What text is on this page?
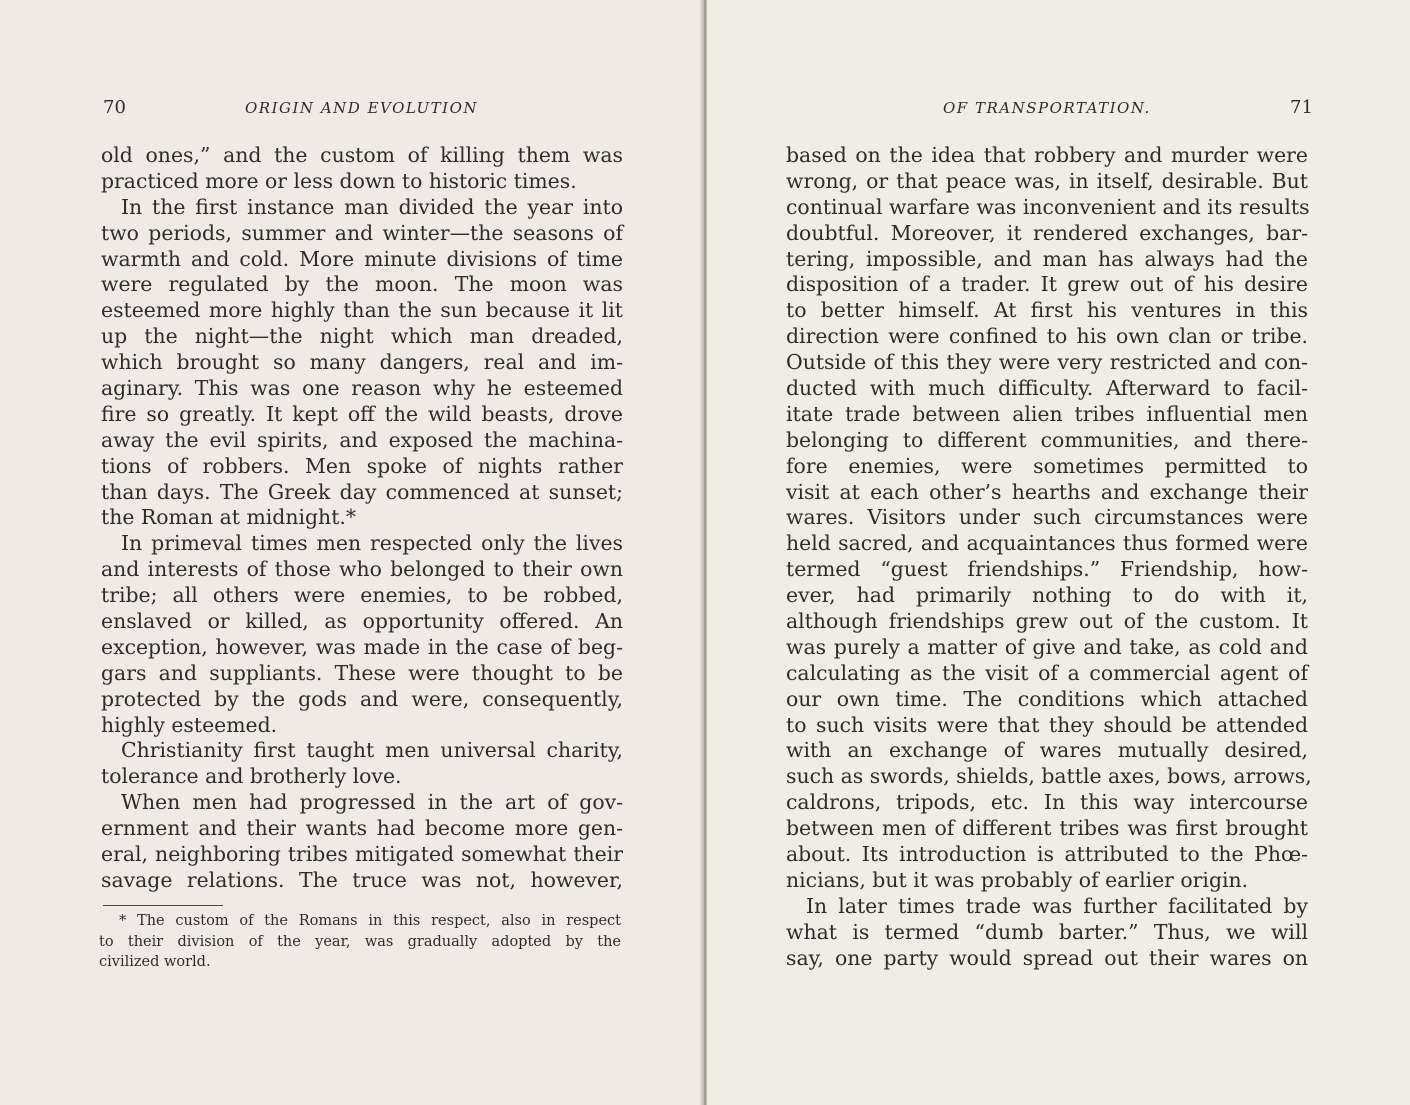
70	ORIGIN AND EVOLUTION
old ones,” and the custom of killing them was
practiced more or less down to historic times.
In the first instance man divided the year into
two periods, summer and winter—the seasons of
warmth and cold. More minute divisions of time
were regulated by the moon. The moon was
esteemed more highly than the sun because it lit
up the night—the night which man dreaded,
which brought so many dangers, real and im-
aginary. This was one reason why he esteemed
fire so greatly. It kept off the wild beasts, drove
away the evil spirits, and exposed the machina-
tions of robbers. Men spoke of nights rather
than days. The Greek day commenced at sunset;
the Roman at midnight.*
In primeval times men respected only the lives
and interests of those who belonged to their own
tribe; all others were enemies, to be robbed,
enslaved or killed, as opportunity offered. An
exception, however, was made in the case of beg-
gars and suppliants. These were thought to be
protected by the gods and were, consequently,
highly esteemed.
Christianity first taught men universal charity,
tolerance and brotherly love.
When men had progressed in the art of gov-
ernment and their wants had become more gen-
eral, neighboring tribes mitigated somewhat their
savage relations. The truce was not, however,
* The custom of the Romans in this respect, also in respect
to their division of the year, was gradually adopted by the
civilized world.
OF TRANSPORTATION.	71
based on the idea that robbery and murder were
wrong, or that peace was, in itself, desirable. But
continual warfare was inconvenient and its results
doubtful. Moreover, it rendered exchanges, bar-
tering, impossible, and man has always had the
disposition of a trader. It grew out of his desire
to better himself. At first his ventures in this
direction were confined to his own clan or tribe.
Outside of this they were very restricted and con-
ducted with much difficulty. Afterward to facil-
itate trade between alien tribes influential men
belonging to different communities, and there-
fore enemies, were sometimes permitted to
visit at each other’s hearths and exchange their
wares. Visitors under such circumstances were
held sacred, and acquaintances thus formed were
termed “guest friendships.” Friendship, how-
ever, had primarily nothing to do with it,
although friendships grew out of the custom. It
was purely a matter of give and take, as cold and
calculating as the visit of a commercial agent of
our own time. The conditions which attached
to such visits were that they should be attended
with an exchange of wares mutually desired,
such as swords, shields, battle axes, bows, arrows,
caldrons, tripods, etc. In this way intercourse
between men of different tribes was first brought
about. Its introduction is attributed to the Phœ-
nicians, but it was probably of earlier origin.
In later times trade was further facilitated by
what is termed “dumb barter.” Thus, we will
say, one party would spread out their wares on
